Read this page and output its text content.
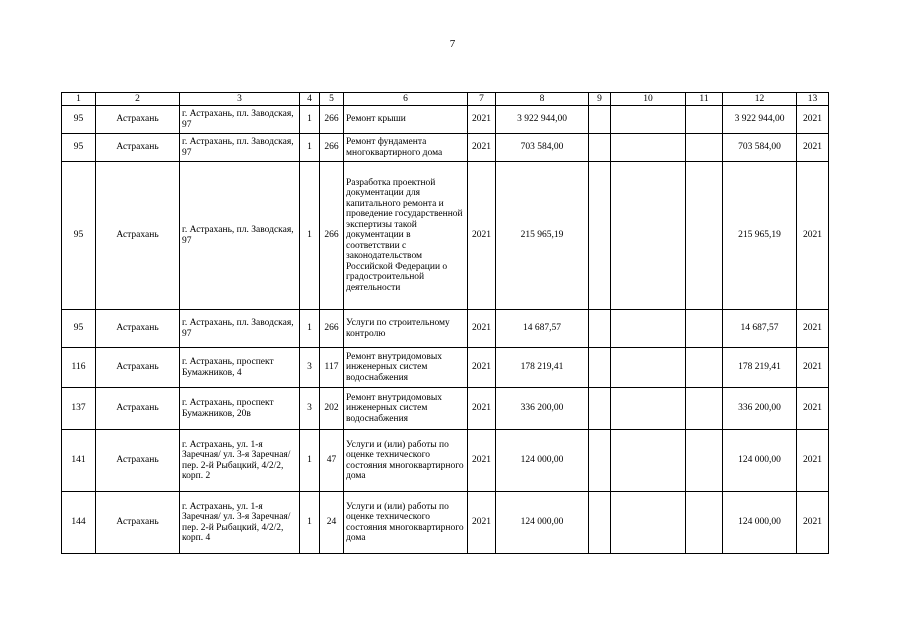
7
1	2	3	4	5	6	7	8	9	10	11	12	13
95	Астрахань	г. Астрахань, пл. Заводская, 97	1	266	Ремонт крыши	2021	3 922 944,00				3 922 944,00	2021
95	Астрахань	г. Астрахань, пл. Заводская, 97	1	266	Ремонт фундамента многоквартирного дома	2021	703 584,00				703 584,00	2021
95	Астрахань	г. Астрахань, пл. Заводская, 97	1	266	Разработка проектной документации для капитального ремонта и проведение государственной экспертизы такой документации в соответствии с законодательством Российской Федерации о градостроительной деятельности	2021	215 965,19				215 965,19	2021
95	Астрахань	г. Астрахань, пл. Заводская, 97	1	266	Услуги по строительному контролю	2021	14 687,57				14 687,57	2021
116	Астрахань	г. Астрахань, проспект Бумажников, 4	3	117	Ремонт внутридомовых инженерных систем водоснабжения	2021	178 219,41				178 219,41	2021
137	Астрахань	г. Астрахань, проспект Бумажников, 20в	3	202	Ремонт внутридомовых инженерных систем водоснабжения	2021	336 200,00				336 200,00	2021
141	Астрахань	г. Астрахань, ул. 1-я Заречная/ ул. 3-я Заречная/ пер. 2-й Рыбацкий, 4/2/2, корп. 2	1	47	Услуги и (или) работы по оценке технического состояния многоквартирного дома	2021	124 000,00				124 000,00	2021
144	Астрахань	г. Астрахань, ул. 1-я Заречная/ ул. 3-я Заречная/ пер. 2-й Рыбацкий, 4/2/2, корп. 4	1	24	Услуги и (или) работы по оценке технического состояния многоквартирного дома	2021	124 000,00				124 000,00	2021
